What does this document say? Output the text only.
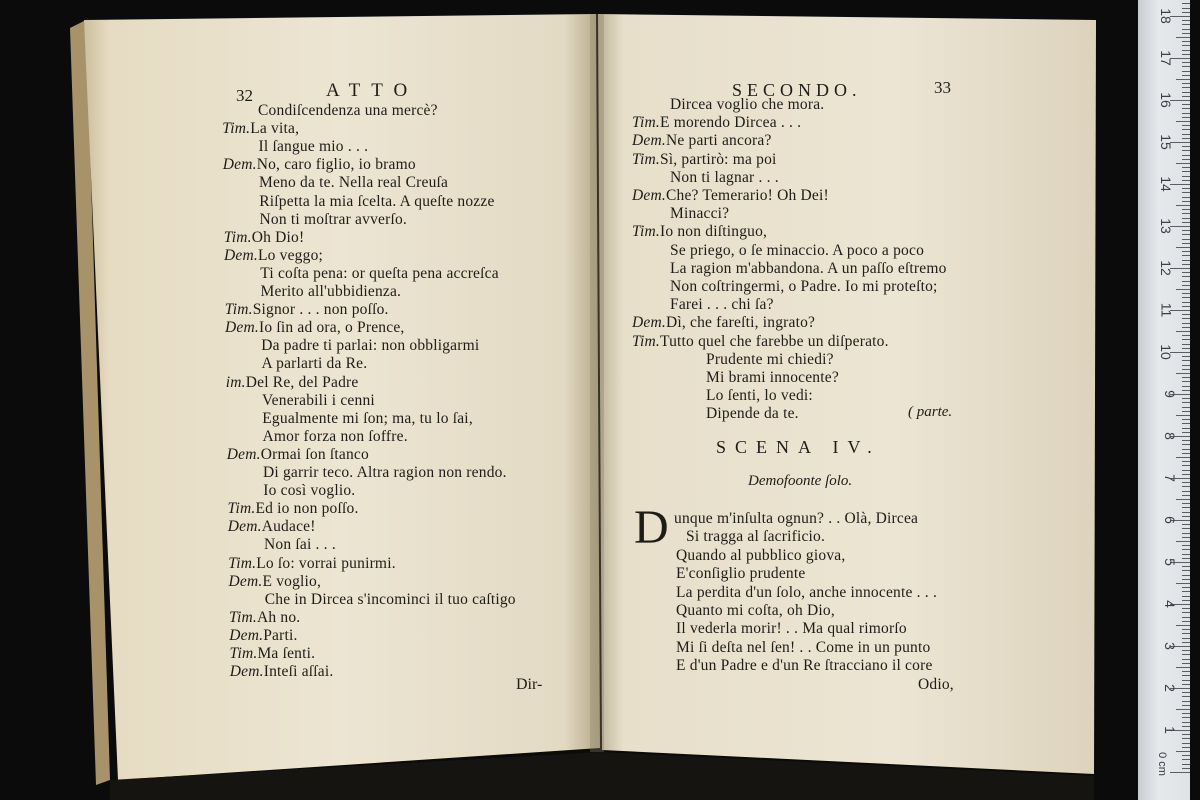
32	ATTO
Condiſcendenza una mercè?
Tim.La vita,
Il ſangue mio . . .
Dem.No, caro figlio, io bramo
Meno da te. Nella real Creuſa
Riſpetta la mia ſcelta. A queſte nozze
Non ti moſtrar avverſo.
Tim.Oh Dio!
Dem.Lo veggo;
Ti coſta pena: or queſta pena accreſca
Merito all'ubbidienza.
Tim.Signor . . . non poſſo.
Dem.Io ſin ad ora, o Prence,
Da padre ti parlai: non obbligarmi
A parlarti da Re.
im.Del Re, del Padre
Venerabili i cenni
Egualmente mi ſon; ma, tu lo ſai,
Amor forza non ſoffre.
Dem.Ormai ſon ſtanco
Di garrir teco. Altra ragion non rendo.
Io così voglio.
Tim.Ed io non poſſo.
Dem.Audace!
Non ſai . . .
Tim.Lo ſo: vorrai punirmi.
Dem.E voglio,
Che in Dircea s'incominci il tuo caſtigo
Tim.Ah no.
Dem.Parti.
Tim.Ma ſenti.
Dem.Inteſi aſſai.
Dir-
SECONDO.	33
Dircea voglio che mora.
Tim.E morendo Dircea . . .
Dem.Ne parti ancora?
Tim.Sì, partirò: ma poi
Non ti lagnar . . .
Dem.Che? Temerario! Oh Dei!
Minacci?
Tim.Io non diſtinguo,
Se priego, o ſe minaccio. A poco a poco
La ragion m'abbandona. A un paſſo eſtremo
Non coſtringermi, o Padre. Io mi proteſto;
Farei . . . chi ſa?
Dem.Dì, che fareſti, ingrato?
Tim.Tutto quel che farebbe un diſperato.
Prudente mi chiedi?
Mi brami innocente?
Lo ſenti, lo vedi:
Dipende da te.	( parte.
SCENA IV.
Demofoonte ſolo.
D unque m'inſulta ognun? . . Olà, Dircea
Si tragga al ſacrificio.
Quando al pubblico giova,
E'conſiglio prudente
La perdita d'un ſolo, anche innocente . . .
Quanto mi coſta, oh Dio,
Il vederla morir! . . Ma qual rimorſo
Mi ſi deſta nel ſen! . . Come in un punto
E d'un Padre e d'un Re ſtracciano il core
Odio,
1
2
3
4
5
6
7
8
9
10
11
12
13
14
15
16
17
18
0 cm
